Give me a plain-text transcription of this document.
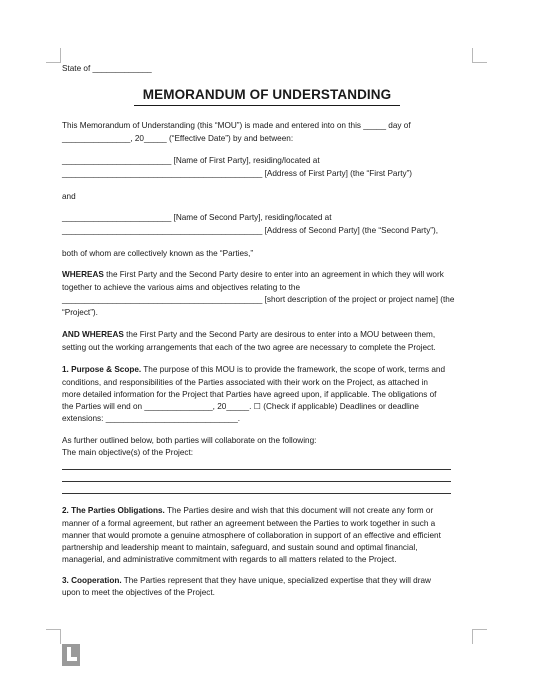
State of _____________
MEMORANDUM OF UNDERSTANDING
This Memorandum of Understanding (this “MOU”) is made and entered into on this _____ day of
_______________, 20_____ (“Effective Date”) by and between:
________________________ [Name of First Party], residing/located at
____________________________________________ [Address of First Party] (the “First Party”)
and
________________________ [Name of Second Party], residing/located at
____________________________________________ [Address of Second Party] (the “Second Party”),
both of whom are collectively known as the “Parties,”
WHEREAS the First Party and the Second Party desire to enter into an agreement in which they will work
together to achieve the various aims and objectives relating to the
____________________________________________ [short description of the project or project name] (the
“Project”).
AND WHEREAS the First Party and the Second Party are desirous to enter into a MOU between them,
setting out the working arrangements that each of the two agree are necessary to complete the Project.
1. Purpose & Scope. The purpose of this MOU is to provide the framework, the scope of work, terms and
conditions, and responsibilities of the Parties associated with their work on the Project, as attached in
more detailed information for the Project that Parties have agreed upon, if applicable. The obligations of
the Parties will end on _______________, 20_____. ☐ (Check if applicable) Deadlines or deadline
extensions: _____________________________.
As further outlined below, both parties will collaborate on the following:
The main objective(s) of the Project:
2. The Parties Obligations. The Parties desire and wish that this document will not create any form or
manner of a formal agreement, but rather an agreement between the Parties to work together in such a
manner that would promote a genuine atmosphere of collaboration in support of an effective and efficient
partnership and leadership meant to maintain, safeguard, and sustain sound and optimal financial,
managerial, and administrative commitment with regards to all matters related to the Project.
3. Cooperation. The Parties represent that they have unique, specialized expertise that they will draw
upon to meet the objectives of the Project.
